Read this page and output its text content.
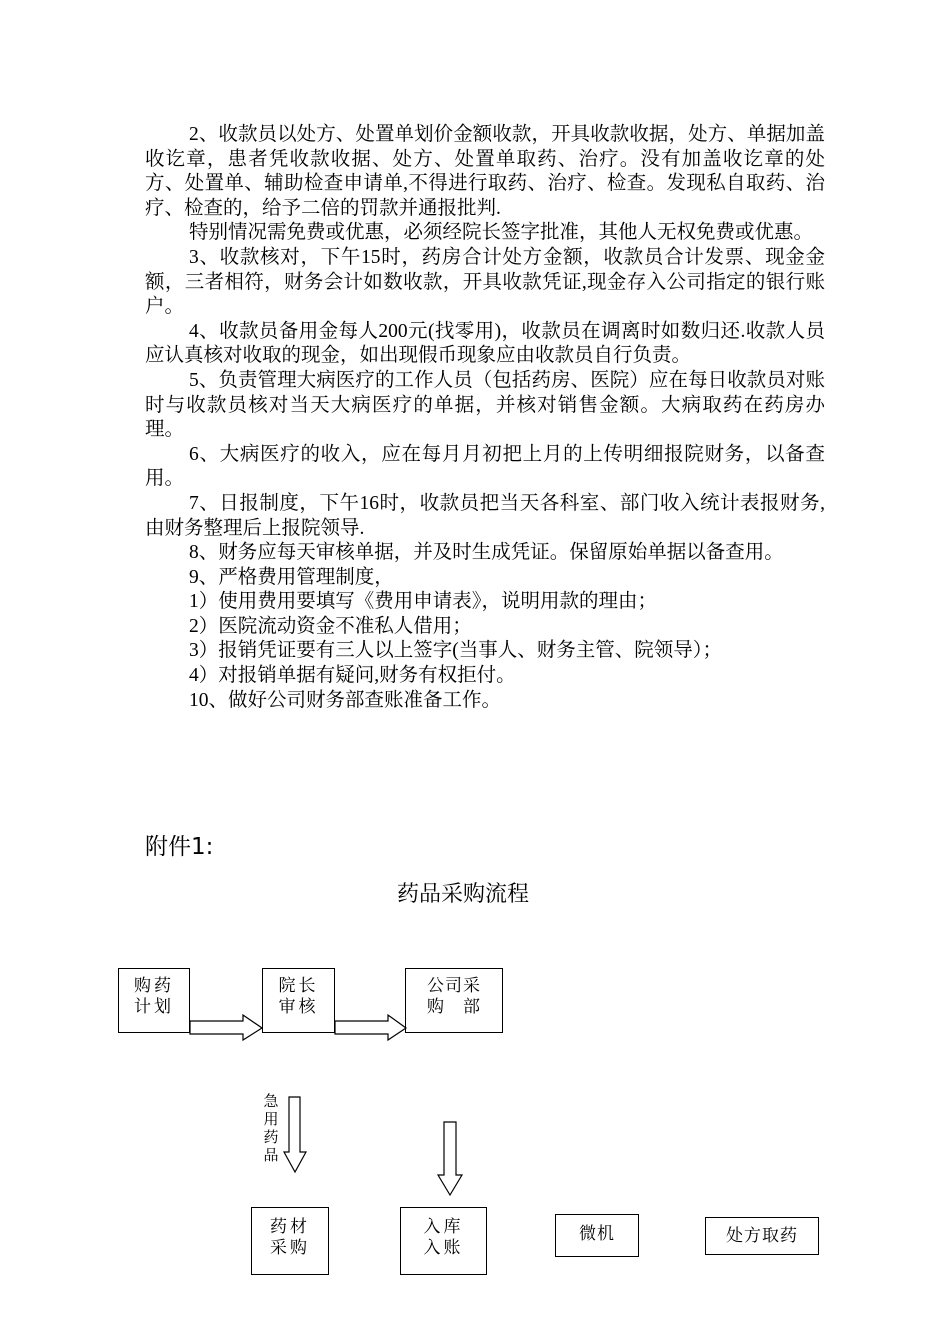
2、收款员以处方、处置单划价金额收款，开具收款收据，处方、单据加盖收讫章，患者凭收款收据、处方、处置单取药、治疗。没有加盖收讫章的处方、处置单、辅助检查申请单,不得进行取药、治疗、检查。发现私自取药、治疗、检查的，给予二倍的罚款并通报批判.

特别情况需免费或优惠，必须经院长签字批准，其他人无权免费或优惠。

3、收款核对，下午15时，药房合计处方金额，收款员合计发票、现金金额，三者相符，财务会计如数收款，开具收款凭证,现金存入公司指定的银行账户。

4、收款员备用金每人200元(找零用)，收款员在调离时如数归还.收款人员应认真核对收取的现金，如出现假币现象应由收款员自行负责。

5、负责管理大病医疗的工作人员（包括药房、医院）应在每日收款员对账时与收款员核对当天大病医疗的单据，并核对销售金额。大病取药在药房办理。

6、大病医疗的收入，应在每月月初把上月的上传明细报院财务，以备查用。

7、日报制度，下午16时，收款员把当天各科室、部门收入统计表报财务,由财务整理后上报院领导.

8、财务应每天审核单据，并及时生成凭证。保留原始单据以备查用。

9、严格费用管理制度，

1）使用费用要填写《费用申请表》，说明用款的理由；

2）医院流动资金不准私人借用；

3）报销凭证要有三人以上签字(当事人、财务主管、院领导）；

4）对报销单据有疑问,财务有权拒付。

10、做好公司财务部查账准备工作。

附件1:
药品采购流程
购药
计划
院长
审核
公司采
购　部
药材
采购
入库
入账
微机	处方取药
急
用
药
品
